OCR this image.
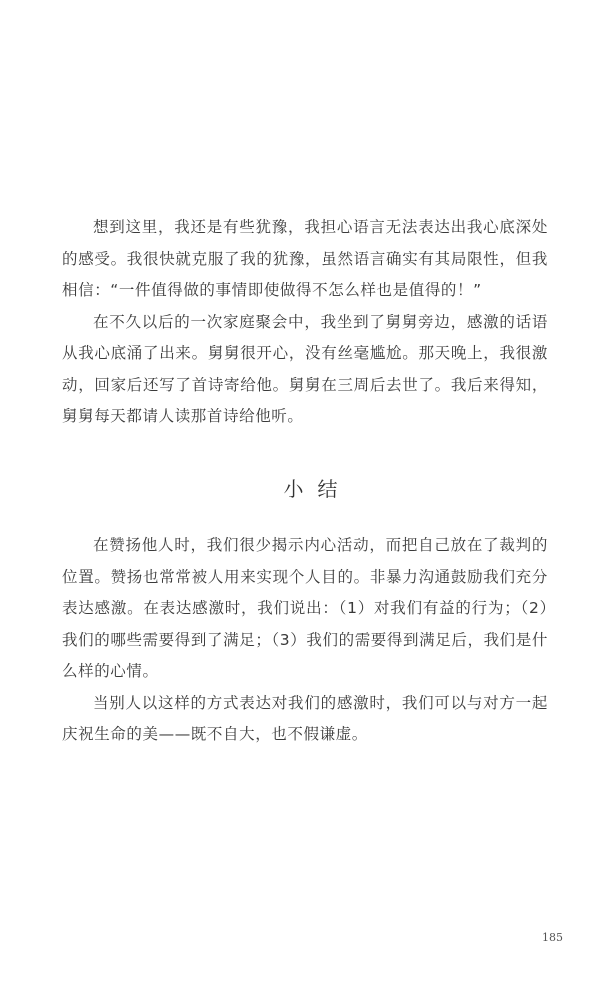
想到这里，我还是有些犹豫，我担心语言无法表达出我心底深处的感受。我很快就克服了我的犹豫，虽然语言确实有其局限性，但我相信：“一件值得做的事情即使做得不怎么样也是值得的！”

在不久以后的一次家庭聚会中，我坐到了舅舅旁边，感激的话语从我心底涌了出来。舅舅很开心，没有丝毫尴尬。那天晚上，我很激动，回家后还写了首诗寄给他。舅舅在三周后去世了。我后来得知，舅舅每天都请人读那首诗给他听。

小结

在赞扬他人时，我们很少揭示内心活动，而把自己放在了裁判的位置。赞扬也常常被人用来实现个人目的。非暴力沟通鼓励我们充分表达感激。在表达感激时，我们说出：（1）对我们有益的行为；（2）我们的哪些需要得到了满足；（3）我们的需要得到满足后，我们是什么样的心情。

当别人以这样的方式表达对我们的感激时，我们可以与对方一起庆祝生命的美——既不自大，也不假谦虚。

185
